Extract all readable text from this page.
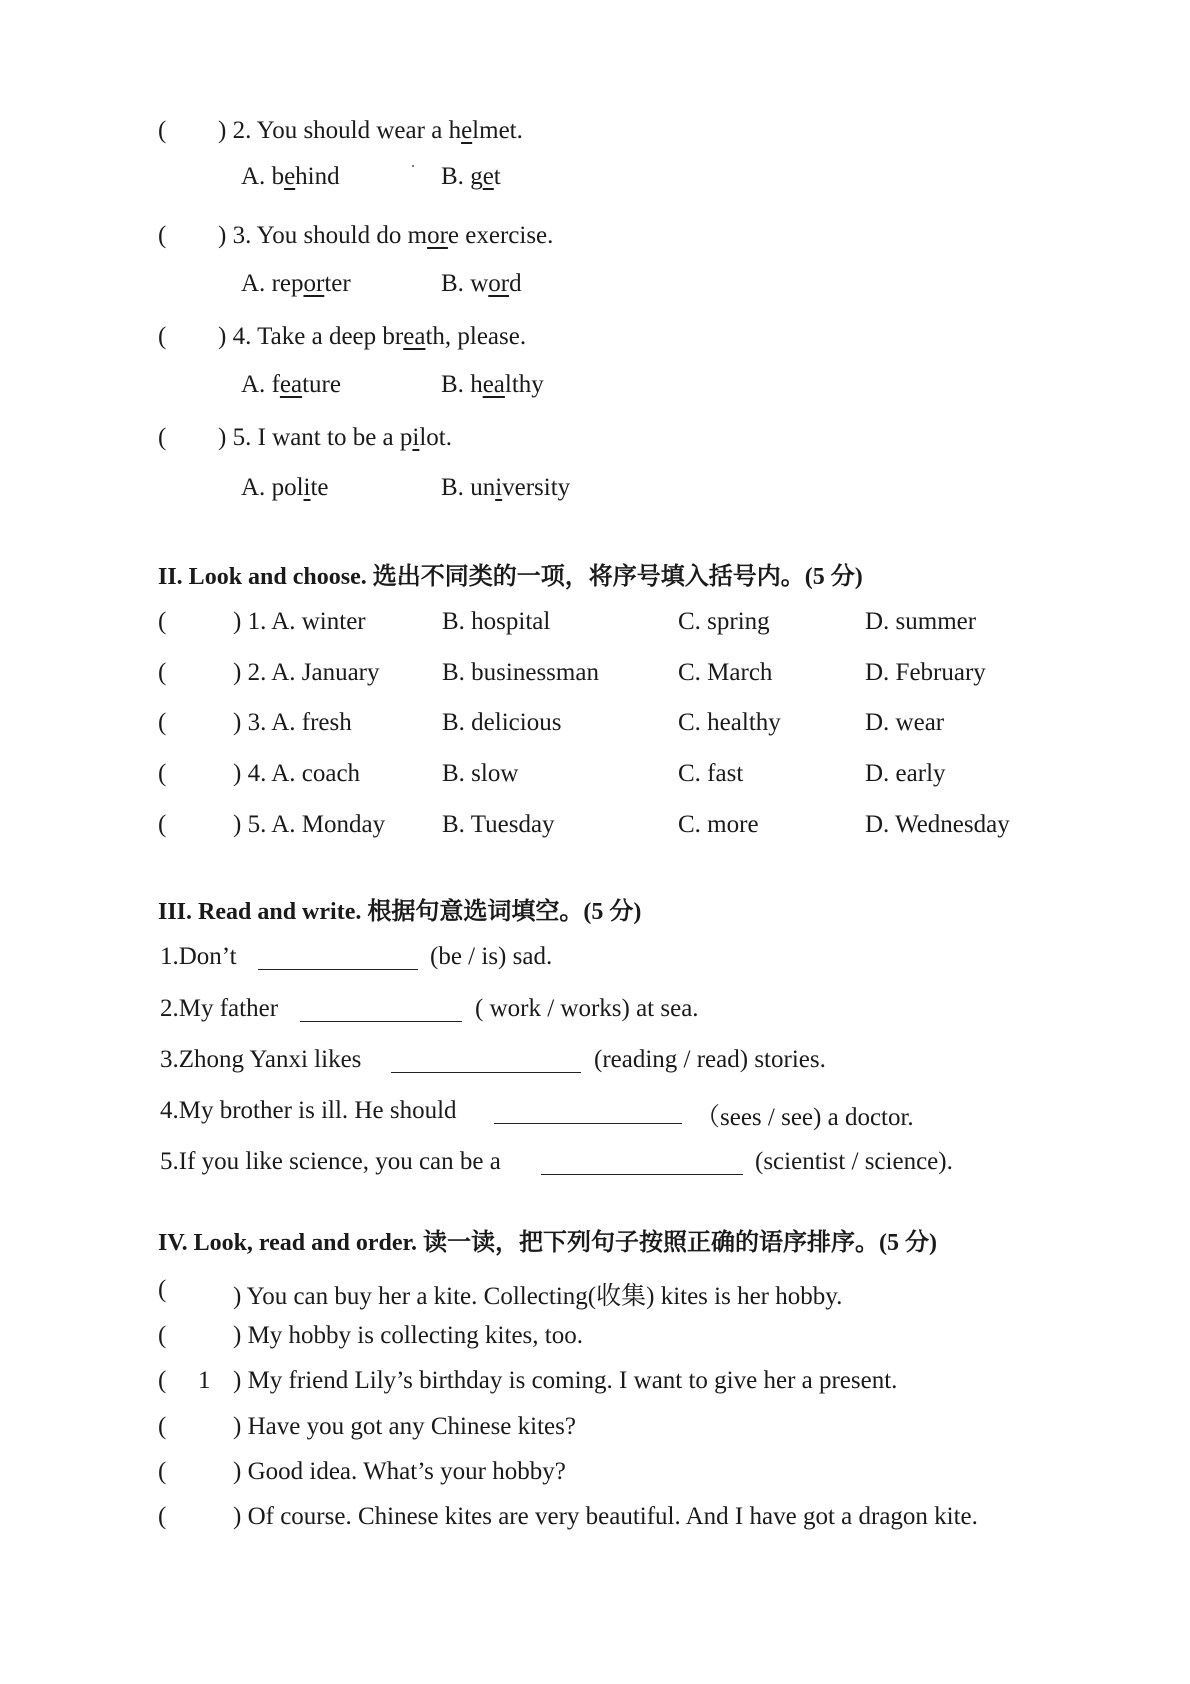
( ) 2. You should wear a helmet.
A. behind	B. get
( ) 3. You should do more exercise.
A. reporter	B. word
( ) 4. Take a deep breath, please.
A. feature	B. healthy
( ) 5. I want to be a pilot.
A. polite	B. university
II. Look and choose. 选出不同类的一项，将序号填入括号内。(5 分)
(	) 1. A. winter	B. hospital	C. spring	D. summer
(	) 2. A. January	B. businessman	C. March	D. February
(	) 3. A. fresh	B. delicious	C. healthy	D. wear
(	) 4. A. coach	B. slow	C. fast	D. early
(	) 5. A. Monday B. Tuesday	C. more	D. Wednesday
III. Read and write. 根据句意选词填空。(5 分)
1.Don’t	(be / is) sad.
2.My father	( work / works) at sea.
3.Zhong Yanxi likes	(reading / read) stories.
4.My brother is ill. He should	（sees / see) a doctor.
5.If you like science, you can be a	(scientist / science).
IV. Look, read and order. 读一读，把下列句子按照正确的语序排序。(5 分)
(	) You can buy her a kite. Collecting(收集) kites is her hobby.
(	) My hobby is collecting kites, too.
( 1 ) My friend Lily’s birthday is coming. I want to give her a present.
(	) Have you got any Chinese kites?
(	) Good idea. What’s your hobby?
(	) Of course. Chinese kites are very beautiful. And I have got a dragon kite.
